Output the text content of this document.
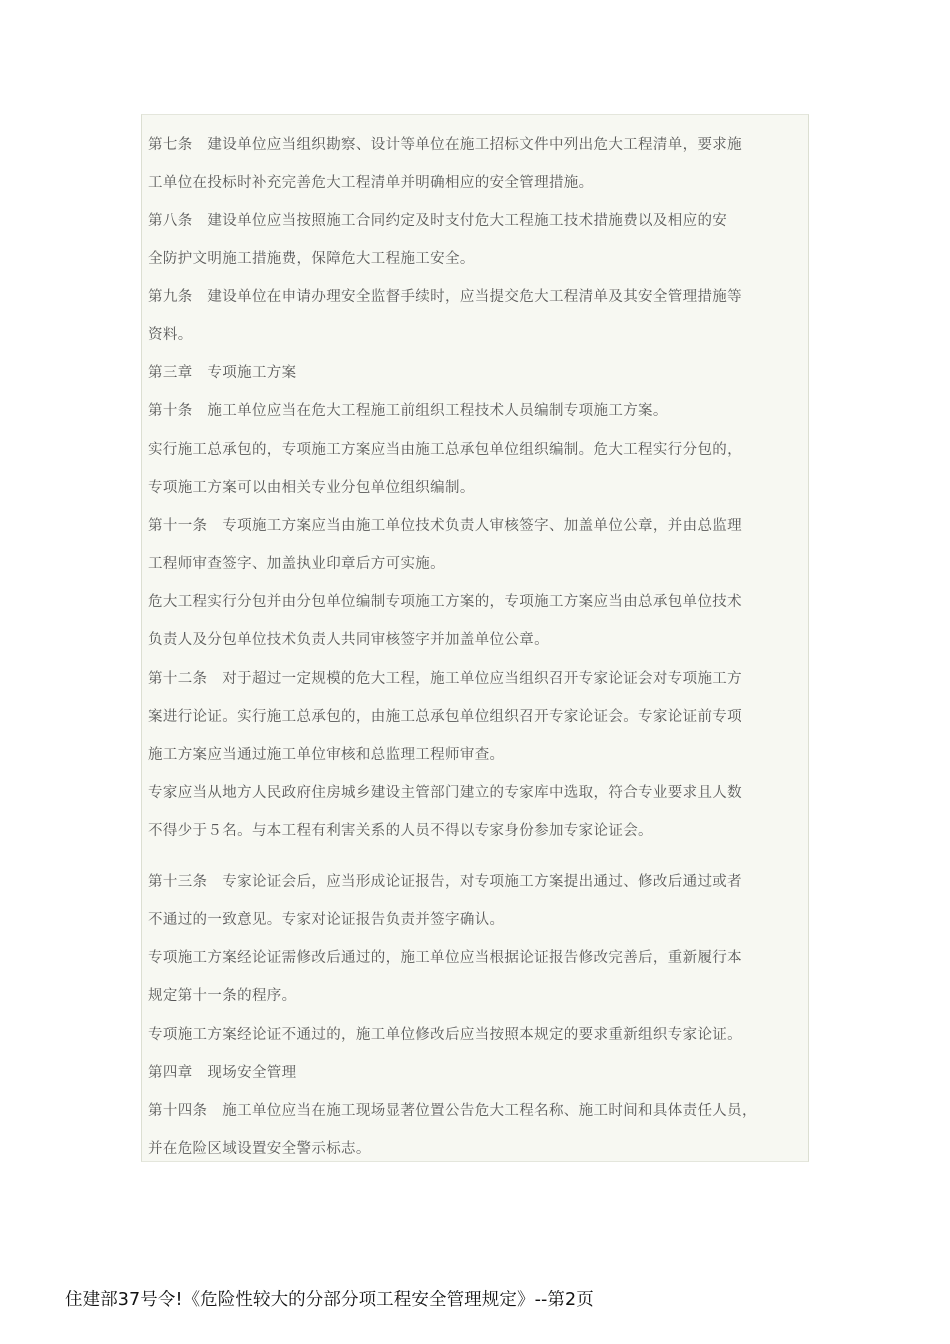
第七条　建设单位应当组织勘察、设计等单位在施工招标文件中列出危大工程清单，要求施
工单位在投标时补充完善危大工程清单并明确相应的安全管理措施。
第八条　建设单位应当按照施工合同约定及时支付危大工程施工技术措施费以及相应的安
全防护文明施工措施费，保障危大工程施工安全。
第九条　建设单位在申请办理安全监督手续时，应当提交危大工程清单及其安全管理措施等
资料。
第三章　专项施工方案
第十条　施工单位应当在危大工程施工前组织工程技术人员编制专项施工方案。
实行施工总承包的，专项施工方案应当由施工总承包单位组织编制。危大工程实行分包的，
专项施工方案可以由相关专业分包单位组织编制。
第十一条　专项施工方案应当由施工单位技术负责人审核签字、加盖单位公章，并由总监理
工程师审查签字、加盖执业印章后方可实施。
危大工程实行分包并由分包单位编制专项施工方案的，专项施工方案应当由总承包单位技术
负责人及分包单位技术负责人共同审核签字并加盖单位公章。
第十二条　对于超过一定规模的危大工程，施工单位应当组织召开专家论证会对专项施工方
案进行论证。实行施工总承包的，由施工总承包单位组织召开专家论证会。专家论证前专项
施工方案应当通过施工单位审核和总监理工程师审查。
专家应当从地方人民政府住房城乡建设主管部门建立的专家库中选取，符合专业要求且人数
不得少于５名。与本工程有利害关系的人员不得以专家身份参加专家论证会。
第十三条　专家论证会后，应当形成论证报告，对专项施工方案提出通过、修改后通过或者
不通过的一致意见。专家对论证报告负责并签字确认。
专项施工方案经论证需修改后通过的，施工单位应当根据论证报告修改完善后，重新履行本
规定第十一条的程序。
专项施工方案经论证不通过的，施工单位修改后应当按照本规定的要求重新组织专家论证。
第四章　现场安全管理
第十四条　施工单位应当在施工现场显著位置公告危大工程名称、施工时间和具体责任人员，
并在危险区域设置安全警示标志。
住建部37号令!《危险性较大的分部分项工程安全管理规定》--第2页
